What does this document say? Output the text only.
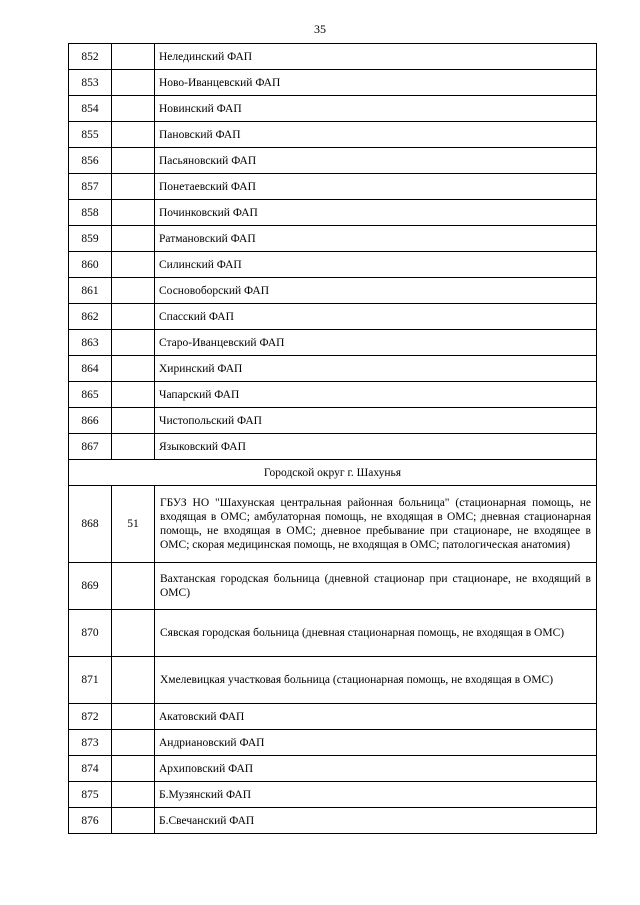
35
852		Нелединский ФАП
853		Ново-Иванцевский ФАП
854		Новинский ФАП
855		Пановский ФАП
856		Пасьяновский ФАП
857		Понетаевский ФАП
858		Починковский ФАП
859		Ратмановский ФАП
860		Силинский ФАП
861		Сосновоборский ФАП
862		Спасский ФАП
863		Старо-Иванцевский ФАП
864		Хиринский ФАП
865		Чапарский ФАП
866		Чистопольский ФАП
867		Языковский ФАП
Городской округ г. Шахунья		
868	51	ГБУЗ НО "Шахунская центральная районная больница" (стационарная помощь, не входящая в ОМС; амбулаторная помощь, не входящая в ОМС; дневная стационарная помощь, не входящая в ОМС; дневное пребывание при стационаре, не входящее в ОМС; скорая медицинская помощь, не входящая в ОМС; патологическая анатомия)
869		Вахтанская городская больница (дневной стационар при стационаре, не входящий в ОМС)
870		Сявская городская больница (дневная стационарная помощь, не входящая в ОМС)
871		Хмелевицкая участковая больница (стационарная помощь, не входящая в ОМС)
872		Акатовский ФАП
873		Андриановский ФАП
874		Архиповский ФАП
875		Б.Музянский ФАП
876		Б.Свечанский ФАП
